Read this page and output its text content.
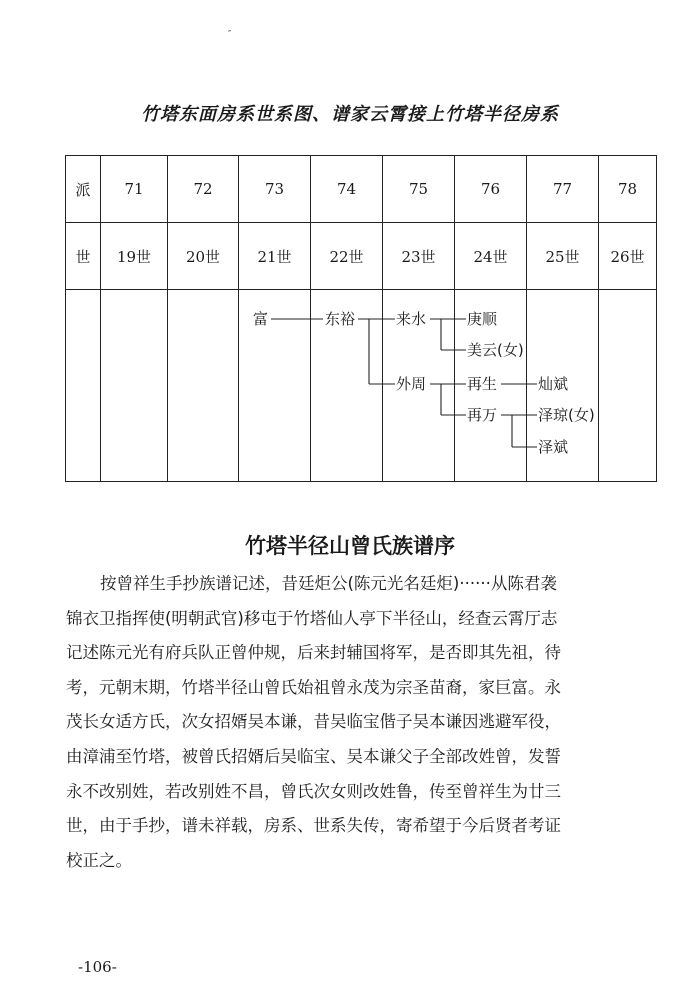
″
竹塔东面房系世系图、谱家云霄接上竹塔半径房系
派	71	72	73	74	75	76	77	78
世	19世	20世	21世	22世	23世	24世	25世	26世

富	东裕	来水
外周
庚顺
美云(女)
再生
再万
灿斌
泽琼(女)
泽斌
竹塔半径山曾氏族谱序
按曾祥生手抄族谱记述，昔廷炬公(陈元光名廷炬)······从陈君袭
锦衣卫指挥使(明朝武官)移屯于竹塔仙人亭下半径山，经查云霄厅志
记述陈元光有府兵队正曾仲规，后来封辅国将军，是否即其先祖，待
考，元朝末期，竹塔半径山曾氏始祖曾永茂为宗圣苗裔，家巨富。永
茂长女适方氏，次女招婿吴本谦，昔吴临宝偕子吴本谦因逃避军役，
由漳浦至竹塔，被曾氏招婿后吴临宝、吴本谦父子全部改姓曾，发誓
永不改别姓，若改别姓不昌，曾氏次女则改姓鲁，传至曾祥生为廿三
世，由于手抄，谱未祥载，房系、世系失传，寄希望于今后贤者考证
校正之。
-106-
